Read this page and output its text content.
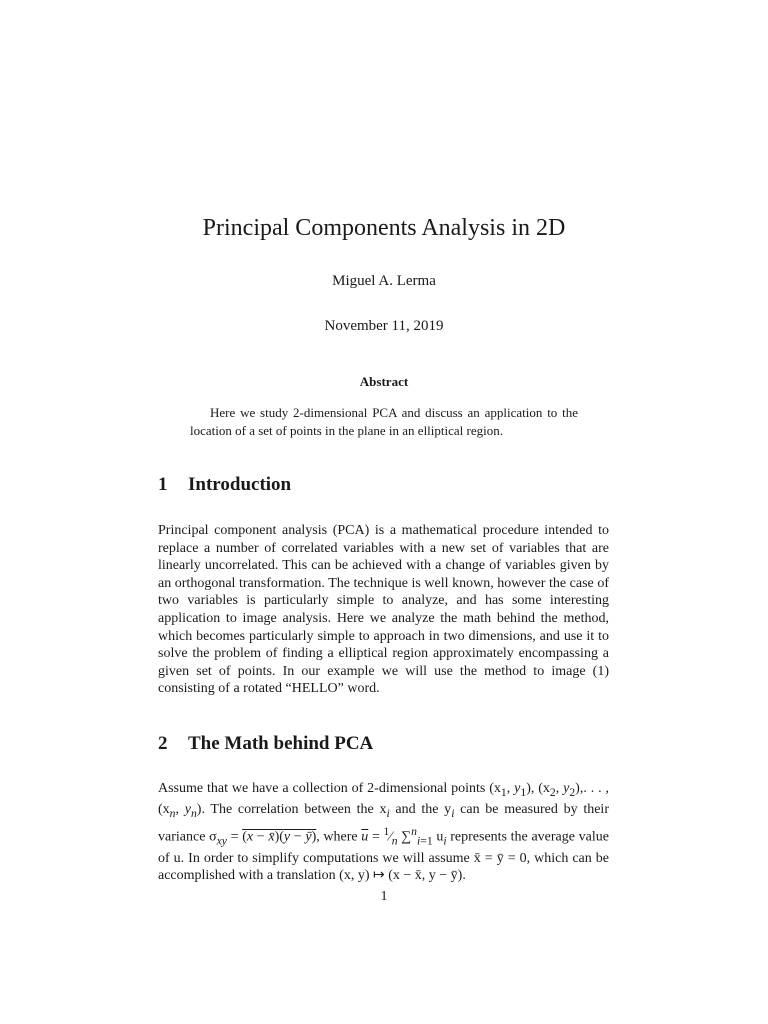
Principal Components Analysis in 2D
Miguel A. Lerma
November 11, 2019
Abstract
Here we study 2-dimensional PCA and discuss an application to the location of a set of points in the plane in an elliptical region.
1 Introduction

Principal component analysis (PCA) is a mathematical procedure intended to replace a number of correlated variables with a new set of variables that are linearly uncorrelated. This can be achieved with a change of variables given by an orthogonal transformation. The technique is well known, however the case of two variables is particularly simple to analyze, and has some interesting application to image analysis. Here we analyze the math behind the method, which becomes particularly simple to approach in two dimensions, and use it to solve the problem of finding a elliptical region approximately encompassing a given set of points. In our example we will use the method to image (1) consisting of a rotated “HELLO” word.

2 The Math behind PCA

Assume that we have a collection of 2-dimensional points ($x_1$, $y_1$), ($x_2$, $y_2$),. . . , ($x_n$, $y_n$). The correlation between the $x_i$ and the $y_i$ can be measured by their variance $\sigma_{xy} = (x$ − x̄)(y − ȳ), where $\overline{u}$ = $^1⁄_n$ ∑$^n_{i=1}$ $u_i$ represents the average value of u. In order to simplify computations we will assume x̄ = ȳ = 0, which can be accomplished with a translation (x, y) ↦ (x − x̄, y − ȳ).

1
